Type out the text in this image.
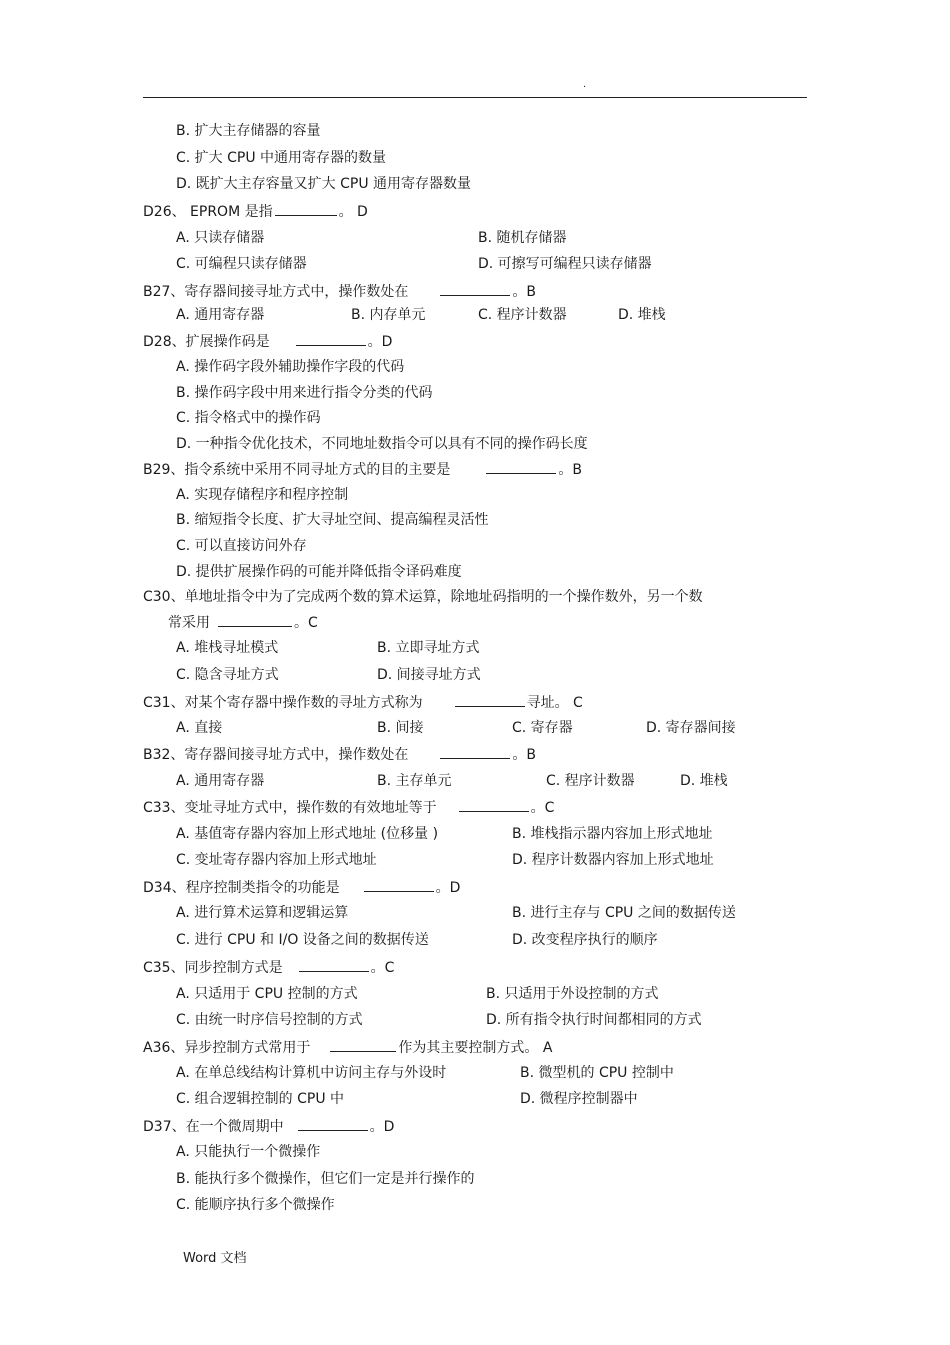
.
B. 扩大主存储器的容量
C. 扩大 CPU 中通用寄存器的数量
D. 既扩大主存容量又扩大 CPU 通用寄存器数量
D26、 EPROM 是指	。 D
A. 只读存储器	B. 随机存储器
C. 可编程只读存储器	D. 可擦写可编程只读存储器
B27、寄存器间接寻址方式中，操作数处在	。B
A. 通用寄存器	B. 内存单元	C. 程序计数器	D. 堆栈
D28、扩展操作码是	。D
A. 操作码字段外辅助操作字段的代码
B. 操作码字段中用来进行指令分类的代码
C. 指令格式中的操作码
D. 一种指令优化技术，不同地址数指令可以具有不同的操作码长度
B29、指令系统中采用不同寻址方式的目的主要是	。B
A. 实现存储程序和程序控制
B. 缩短指令长度、扩大寻址空间、提高编程灵活性
C. 可以直接访问外存
D. 提供扩展操作码的可能并降低指令译码难度
C30、单地址指令中为了完成两个数的算术运算，除地址码指明的一个操作数外，另一个数
常采用	。C
A. 堆栈寻址模式	B. 立即寻址方式
C. 隐含寻址方式	D. 间接寻址方式
C31、对某个寄存器中操作数的寻址方式称为	寻址。 C
A. 直接	B. 间接	C. 寄存器	D. 寄存器间接
B32、寄存器间接寻址方式中，操作数处在	。B
A. 通用寄存器	B. 主存单元	C. 程序计数器	D. 堆栈
C33、变址寻址方式中，操作数的有效地址等于	。C
A. 基值寄存器内容加上形式地址 (位移量 )	B. 堆栈指示器内容加上形式地址
C. 变址寄存器内容加上形式地址	D. 程序计数器内容加上形式地址
D34、程序控制类指令的功能是	。D
A. 进行算术运算和逻辑运算	B. 进行主存与 CPU 之间的数据传送
C. 进行 CPU 和 I/O 设备之间的数据传送	D. 改变程序执行的顺序
C35、同步控制方式是	。C
A. 只适用于 CPU 控制的方式	B. 只适用于外设控制的方式
C. 由统一时序信号控制的方式	D. 所有指令执行时间都相同的方式
A36、异步控制方式常用于	作为其主要控制方式。 A
A. 在单总线结构计算机中访问主存与外设时	B. 微型机的 CPU 控制中
C. 组合逻辑控制的 CPU 中	D. 微程序控制器中
D37、在一个微周期中	。D
A. 只能执行一个微操作
B. 能执行多个微操作，但它们一定是并行操作的
C. 能顺序执行多个微操作
Word 文档
